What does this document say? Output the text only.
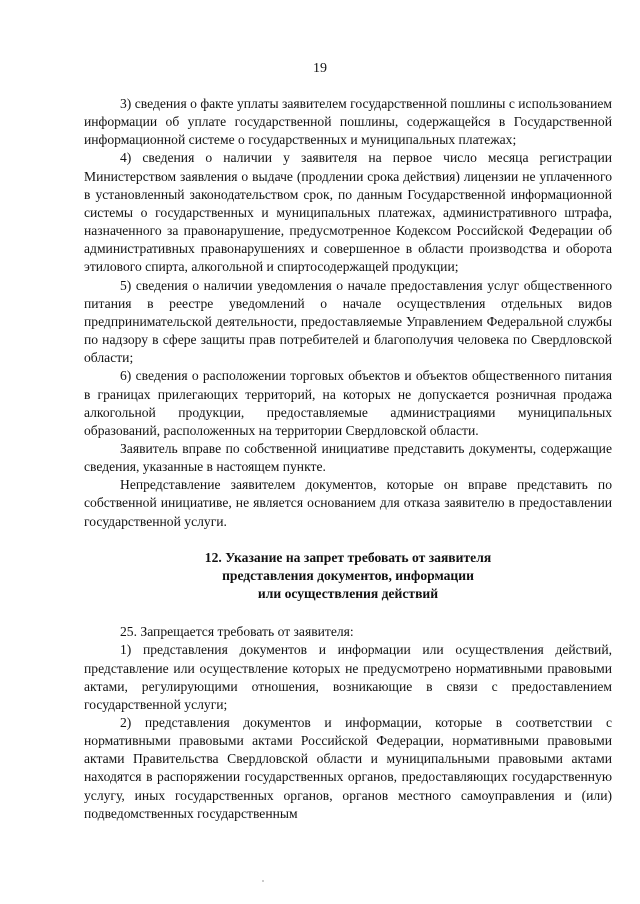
19

3) сведения о факте уплаты заявителем государственной пошлины с использованием информации об уплате государственной пошлины, содержащейся в Государственной информационной системе о государственных и муниципальных платежах;

4) сведения о наличии у заявителя на первое число месяца регистрации Министерством заявления о выдаче (продлении срока действия) лицензии не уплаченного в установленный законодательством срок, по данным Государственной информационной системы о государственных и муниципальных платежах, административного штрафа, назначенного за правонарушение, предусмотренное Кодексом Российской Федерации об административных правонарушениях и совершенное в области производства и оборота этилового спирта, алкогольной и спиртосодержащей продукции;

5) сведения о наличии уведомления о начале предоставления услуг общественного питания в реестре уведомлений о начале осуществления отдельных видов предпринимательской деятельности, предоставляемые Управлением Федеральной службы по надзору в сфере защиты прав потребителей и благополучия человека по Свердловской области;

6) сведения о расположении торговых объектов и объектов общественного питания в границах прилегающих территорий, на которых не допускается розничная продажа алкогольной продукции, предоставляемые администрациями муниципальных образований, расположенных на территории Свердловской области.

Заявитель вправе по собственной инициативе представить документы, содержащие сведения, указанные в настоящем пункте.

Непредставление заявителем документов, которые он вправе представить по собственной инициативе, не является основанием для отказа заявителю в предоставлении государственной услуги.

12. Указание на запрет требовать от заявителя
представления документов, информации
или осуществления действий

25. Запрещается требовать от заявителя:

1) представления документов и информации или осуществления действий, представление или осуществление которых не предусмотрено нормативными правовыми актами, регулирующими отношения, возникающие в связи с предоставлением государственной услуги;

2) представления документов и информации, которые в соответствии с нормативными правовыми актами Российской Федерации, нормативными правовыми актами Правительства Свердловской области и муниципальными правовыми актами находятся в распоряжении государственных органов, предоставляющих государственную услугу, иных государственных органов, органов местного самоуправления и (или) подведомственных государственным
